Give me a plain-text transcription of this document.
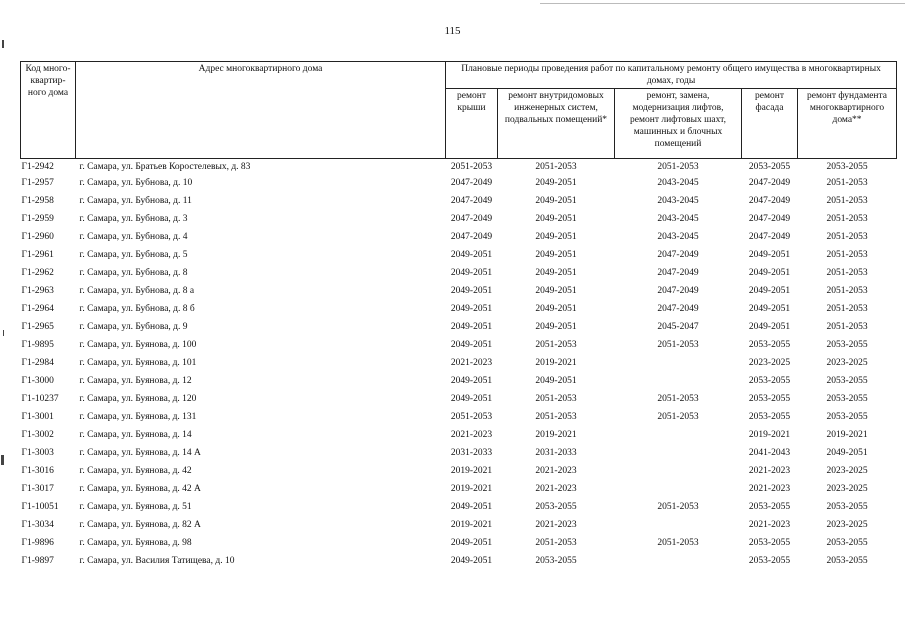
115
Код много-квартир-ного дома	Адрес многоквартирного дома	Плановые периоды проведения работ по капитальному ремонту общего имущества в многоквартирных домах, годы				
		ремонт крыши	ремонт внутридомовых инженерных систем, подвальных помещений*	ремонт, замена, модернизация лифтов, ремонт лифтовых шахт, машинных и блочных помещений	ремонт фасада	ремонт фундамента многоквартирного дома**
Г1-2942	г. Самара, ул. Братьев Коростелевых, д. 83	2051-2053	2051-2053	2051-2053	2053-2055	2053-2055
Г1-2957	г. Самара, ул. Бубнова, д. 10	2047-2049	2049-2051	2043-2045	2047-2049	2051-2053
Г1-2958	г. Самара, ул. Бубнова, д. 11	2047-2049	2049-2051	2043-2045	2047-2049	2051-2053
Г1-2959	г. Самара, ул. Бубнова, д. 3	2047-2049	2049-2051	2043-2045	2047-2049	2051-2053
Г1-2960	г. Самара, ул. Бубнова, д. 4	2047-2049	2049-2051	2043-2045	2047-2049	2051-2053
Г1-2961	г. Самара, ул. Бубнова, д. 5	2049-2051	2049-2051	2047-2049	2049-2051	2051-2053
Г1-2962	г. Самара, ул. Бубнова, д. 8	2049-2051	2049-2051	2047-2049	2049-2051	2051-2053
Г1-2963	г. Самара, ул. Бубнова, д. 8 а	2049-2051	2049-2051	2047-2049	2049-2051	2051-2053
Г1-2964	г. Самара, ул. Бубнова, д. 8 б	2049-2051	2049-2051	2047-2049	2049-2051	2051-2053
Г1-2965	г. Самара, ул. Бубнова, д. 9	2049-2051	2049-2051	2045-2047	2049-2051	2051-2053
Г1-9895	г. Самара, ул. Буянова, д. 100	2049-2051	2051-2053	2051-2053	2053-2055	2053-2055
Г1-2984	г. Самара, ул. Буянова, д. 101	2021-2023	2019-2021		2023-2025	2023-2025
Г1-3000	г. Самара, ул. Буянова, д. 12	2049-2051	2049-2051		2053-2055	2053-2055
Г1-10237	г. Самара, ул. Буянова, д. 120	2049-2051	2051-2053	2051-2053	2053-2055	2053-2055
Г1-3001	г. Самара, ул. Буянова, д. 131	2051-2053	2051-2053	2051-2053	2053-2055	2053-2055
Г1-3002	г. Самара, ул. Буянова, д. 14	2021-2023	2019-2021		2019-2021	2019-2021
Г1-3003	г. Самара, ул. Буянова, д. 14 А	2031-2033	2031-2033		2041-2043	2049-2051
Г1-3016	г. Самара, ул. Буянова, д. 42	2019-2021	2021-2023		2021-2023	2023-2025
Г1-3017	г. Самара, ул. Буянова, д. 42 А	2019-2021	2021-2023		2021-2023	2023-2025
Г1-10051	г. Самара, ул. Буянова, д. 51	2049-2051	2053-2055	2051-2053	2053-2055	2053-2055
Г1-3034	г. Самара, ул. Буянова, д. 82 А	2019-2021	2021-2023		2021-2023	2023-2025
Г1-9896	г. Самара, ул. Буянова, д. 98	2049-2051	2051-2053	2051-2053	2053-2055	2053-2055
Г1-9897	г. Самара, ул. Василия Татищева, д. 10	2049-2051	2053-2055		2053-2055	2053-2055
